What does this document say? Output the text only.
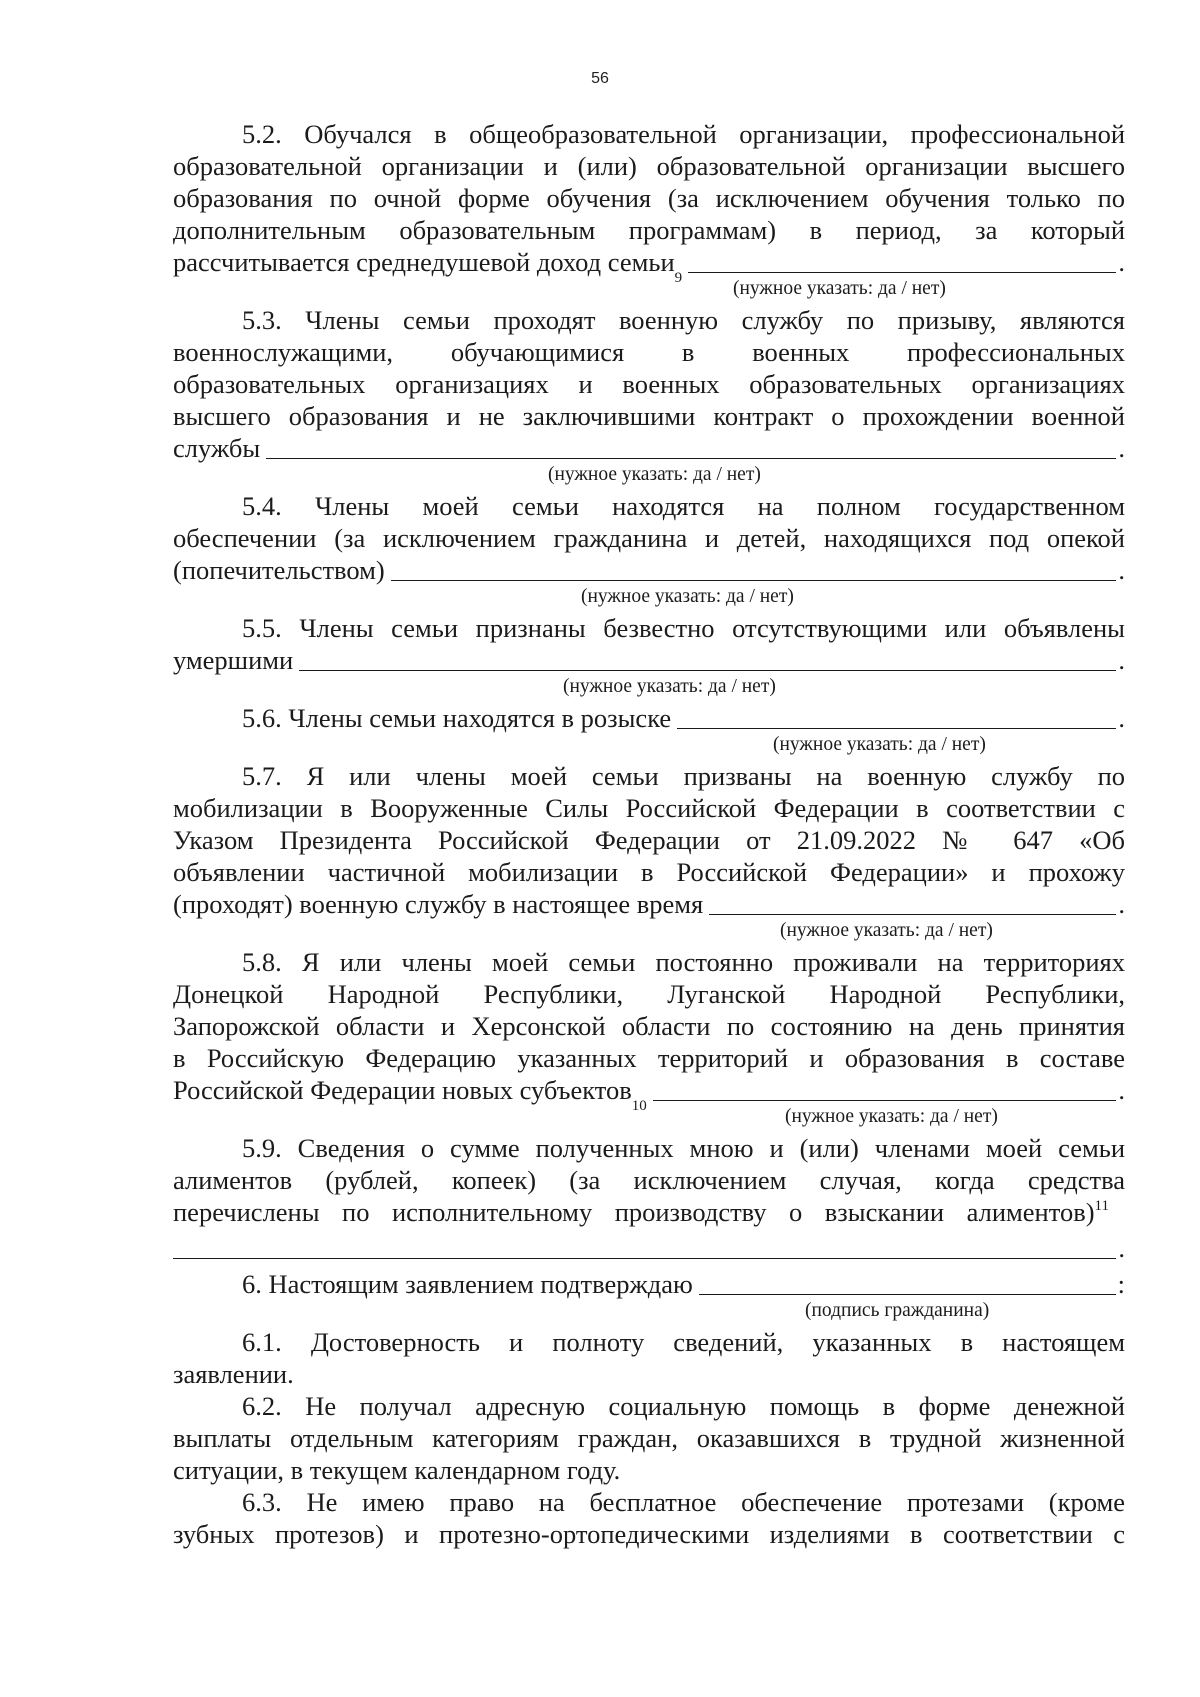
56

5.2. Обучался в общеобразовательной организации, профессиональной

образовательной организации и (или) образовательной организации высшего

образования по очной форме обучения (за исключением обучения только по

дополнительным образовательным программам) в период, за который

рассчитывается среднедушевой доход семьи
9
.
(нужное указать: да / нет)

5.3. Члены семьи проходят военную службу по призыву, являются

военнослужащими, обучающимися в военных профессиональных

образовательных организациях и военных образовательных организациях

высшего образования и не заключившими контракт о прохождении военной

службы	.
(нужное указать: да / нет)

5.4. Члены моей семьи находятся на полном государственном

обеспечении (за исключением гражданина и детей, находящихся под опекой

(попечительством)	.
(нужное указать: да / нет)

5.5. Члены семьи признаны безвестно отсутствующими или объявлены

умершими	.
(нужное указать: да / нет)
5.6. Члены семьи находятся в розыске	.
(нужное указать: да / нет)

5.7. Я или члены моей семьи призваны на военную службу по

мобилизации в Вооруженные Силы Российской Федерации в соответствии с

Указом Президента Российской Федерации от 21.09.2022 № 647 «Об

объявлении частичной мобилизации в Российской Федерации» и прохожу

(проходят) военную службу в настоящее время	.
(нужное указать: да / нет)

5.8. Я или члены моей семьи постоянно проживали на территориях

Донецкой Народной Республики, Луганской Народной Республики,

Запорожской области и Херсонской области по состоянию на день принятия

в Российскую Федерацию указанных территорий и образования в составе

Российской Федерации новых субъектов
10
.
(нужное указать: да / нет)

5.9. Сведения о сумме полученных мною и (или) членами моей семьи

алиментов (рублей, копеек) (за исключением случая, когда средства

перечислены по исполнительному производству о взыскании алиментов)$^{11}$

.
6. Настоящим заявлением подтверждаю	:
(подпись гражданина)

6.1. Достоверность и полноту сведений, указанных в настоящем

заявлении.

6.2. Не получал адресную социальную помощь в форме денежной

выплаты отдельным категориям граждан, оказавшихся в трудной жизненной

ситуации, в текущем календарном году.

6.3. Не имею право на бесплатное обеспечение протезами (кроме

зубных протезов) и протезно-ортопедическими изделиями в соответствии с
